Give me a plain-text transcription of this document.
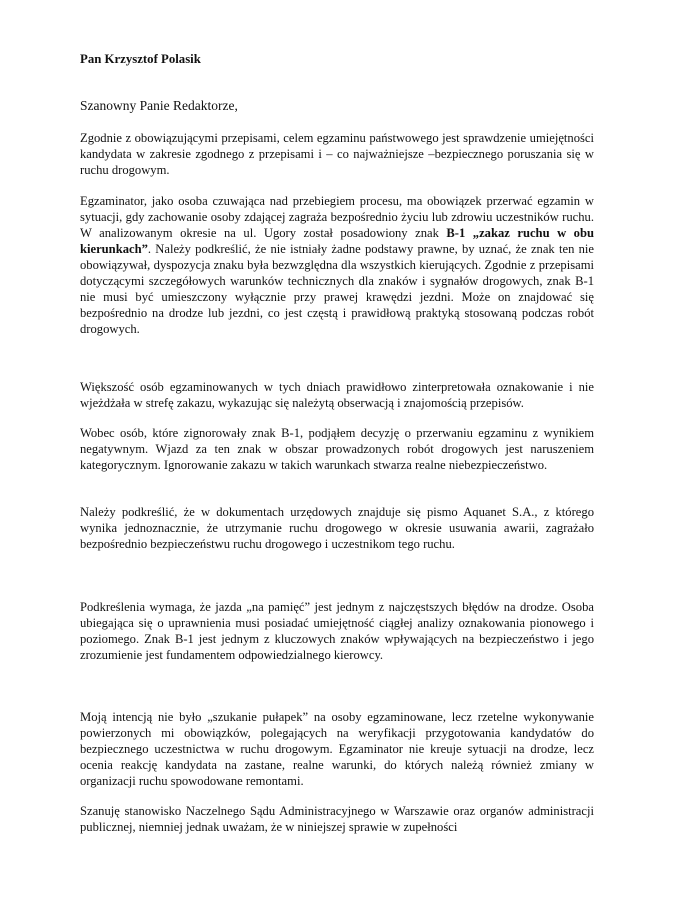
Pan Krzysztof Polasik
Szanowny Panie Redaktorze,

Zgodnie z obowiązującymi przepisami, celem egzaminu państwowego jest sprawdzenie umiejętności kandydata w zakresie zgodnego z przepisami i – co najważniejsze –bezpiecznego poruszania się w ruchu drogowym.

Egzaminator, jako osoba czuwająca nad przebiegiem procesu, ma obowiązek przerwać egzamin w sytuacji, gdy zachowanie osoby zdającej zagraża bezpośrednio życiu lub zdrowiu uczestników ruchu. W analizowanym okresie na ul. Ugory został posadowiony znak B-1 „zakaz ruchu w obu kierunkach”. Należy podkreślić, że nie istniały żadne podstawy prawne, by uznać, że znak ten nie obowiązywał, dyspozycja znaku była bezwzględna dla wszystkich kierujących. Zgodnie z przepisami dotyczącymi szczegółowych warunków technicznych dla znaków i sygnałów drogowych, znak B-1 nie musi być umieszczony wyłącznie przy prawej krawędzi jezdni. Może on znajdować się bezpośrednio na drodze lub jezdni, co jest częstą i prawidłową praktyką stosowaną podczas robót drogowych.

Większość osób egzaminowanych w tych dniach prawidłowo zinterpretowała oznakowanie i nie wjeżdżała w strefę zakazu, wykazując się należytą obserwacją i znajomością przepisów.

Wobec osób, które zignorowały znak B-1, podjąłem decyzję o przerwaniu egzaminu z wynikiem negatywnym. Wjazd za ten znak w obszar prowadzonych robót drogowych jest naruszeniem kategorycznym. Ignorowanie zakazu w takich warunkach stwarza realne niebezpieczeństwo.

Należy podkreślić, że w dokumentach urzędowych znajduje się pismo Aquanet S.A., z którego wynika jednoznacznie, że utrzymanie ruchu drogowego w okresie usuwania awarii, zagrażało bezpośrednio bezpieczeństwu ruchu drogowego i uczestnikom tego ruchu.

Podkreślenia wymaga, że jazda „na pamięć” jest jednym z najczęstszych błędów na drodze. Osoba ubiegająca się o uprawnienia musi posiadać umiejętność ciągłej analizy oznakowania pionowego i poziomego. Znak B-1 jest jednym z kluczowych znaków wpływających na bezpieczeństwo i jego zrozumienie jest fundamentem odpowiedzialnego kierowcy.

Moją intencją nie było „szukanie pułapek” na osoby egzaminowane, lecz rzetelne wykonywanie powierzonych mi obowiązków, polegających na weryfikacji przygotowania kandydatów do bezpiecznego uczestnictwa w ruchu drogowym. Egzaminator nie kreuje sytuacji na drodze, lecz ocenia reakcję kandydata na zastane, realne warunki, do których należą również zmiany w organizacji ruchu spowodowane remontami.

Szanuję stanowisko Naczelnego Sądu Administracyjnego w Warszawie oraz organów administracji publicznej, niemniej jednak uważam, że w niniejszej sprawie w zupełności
